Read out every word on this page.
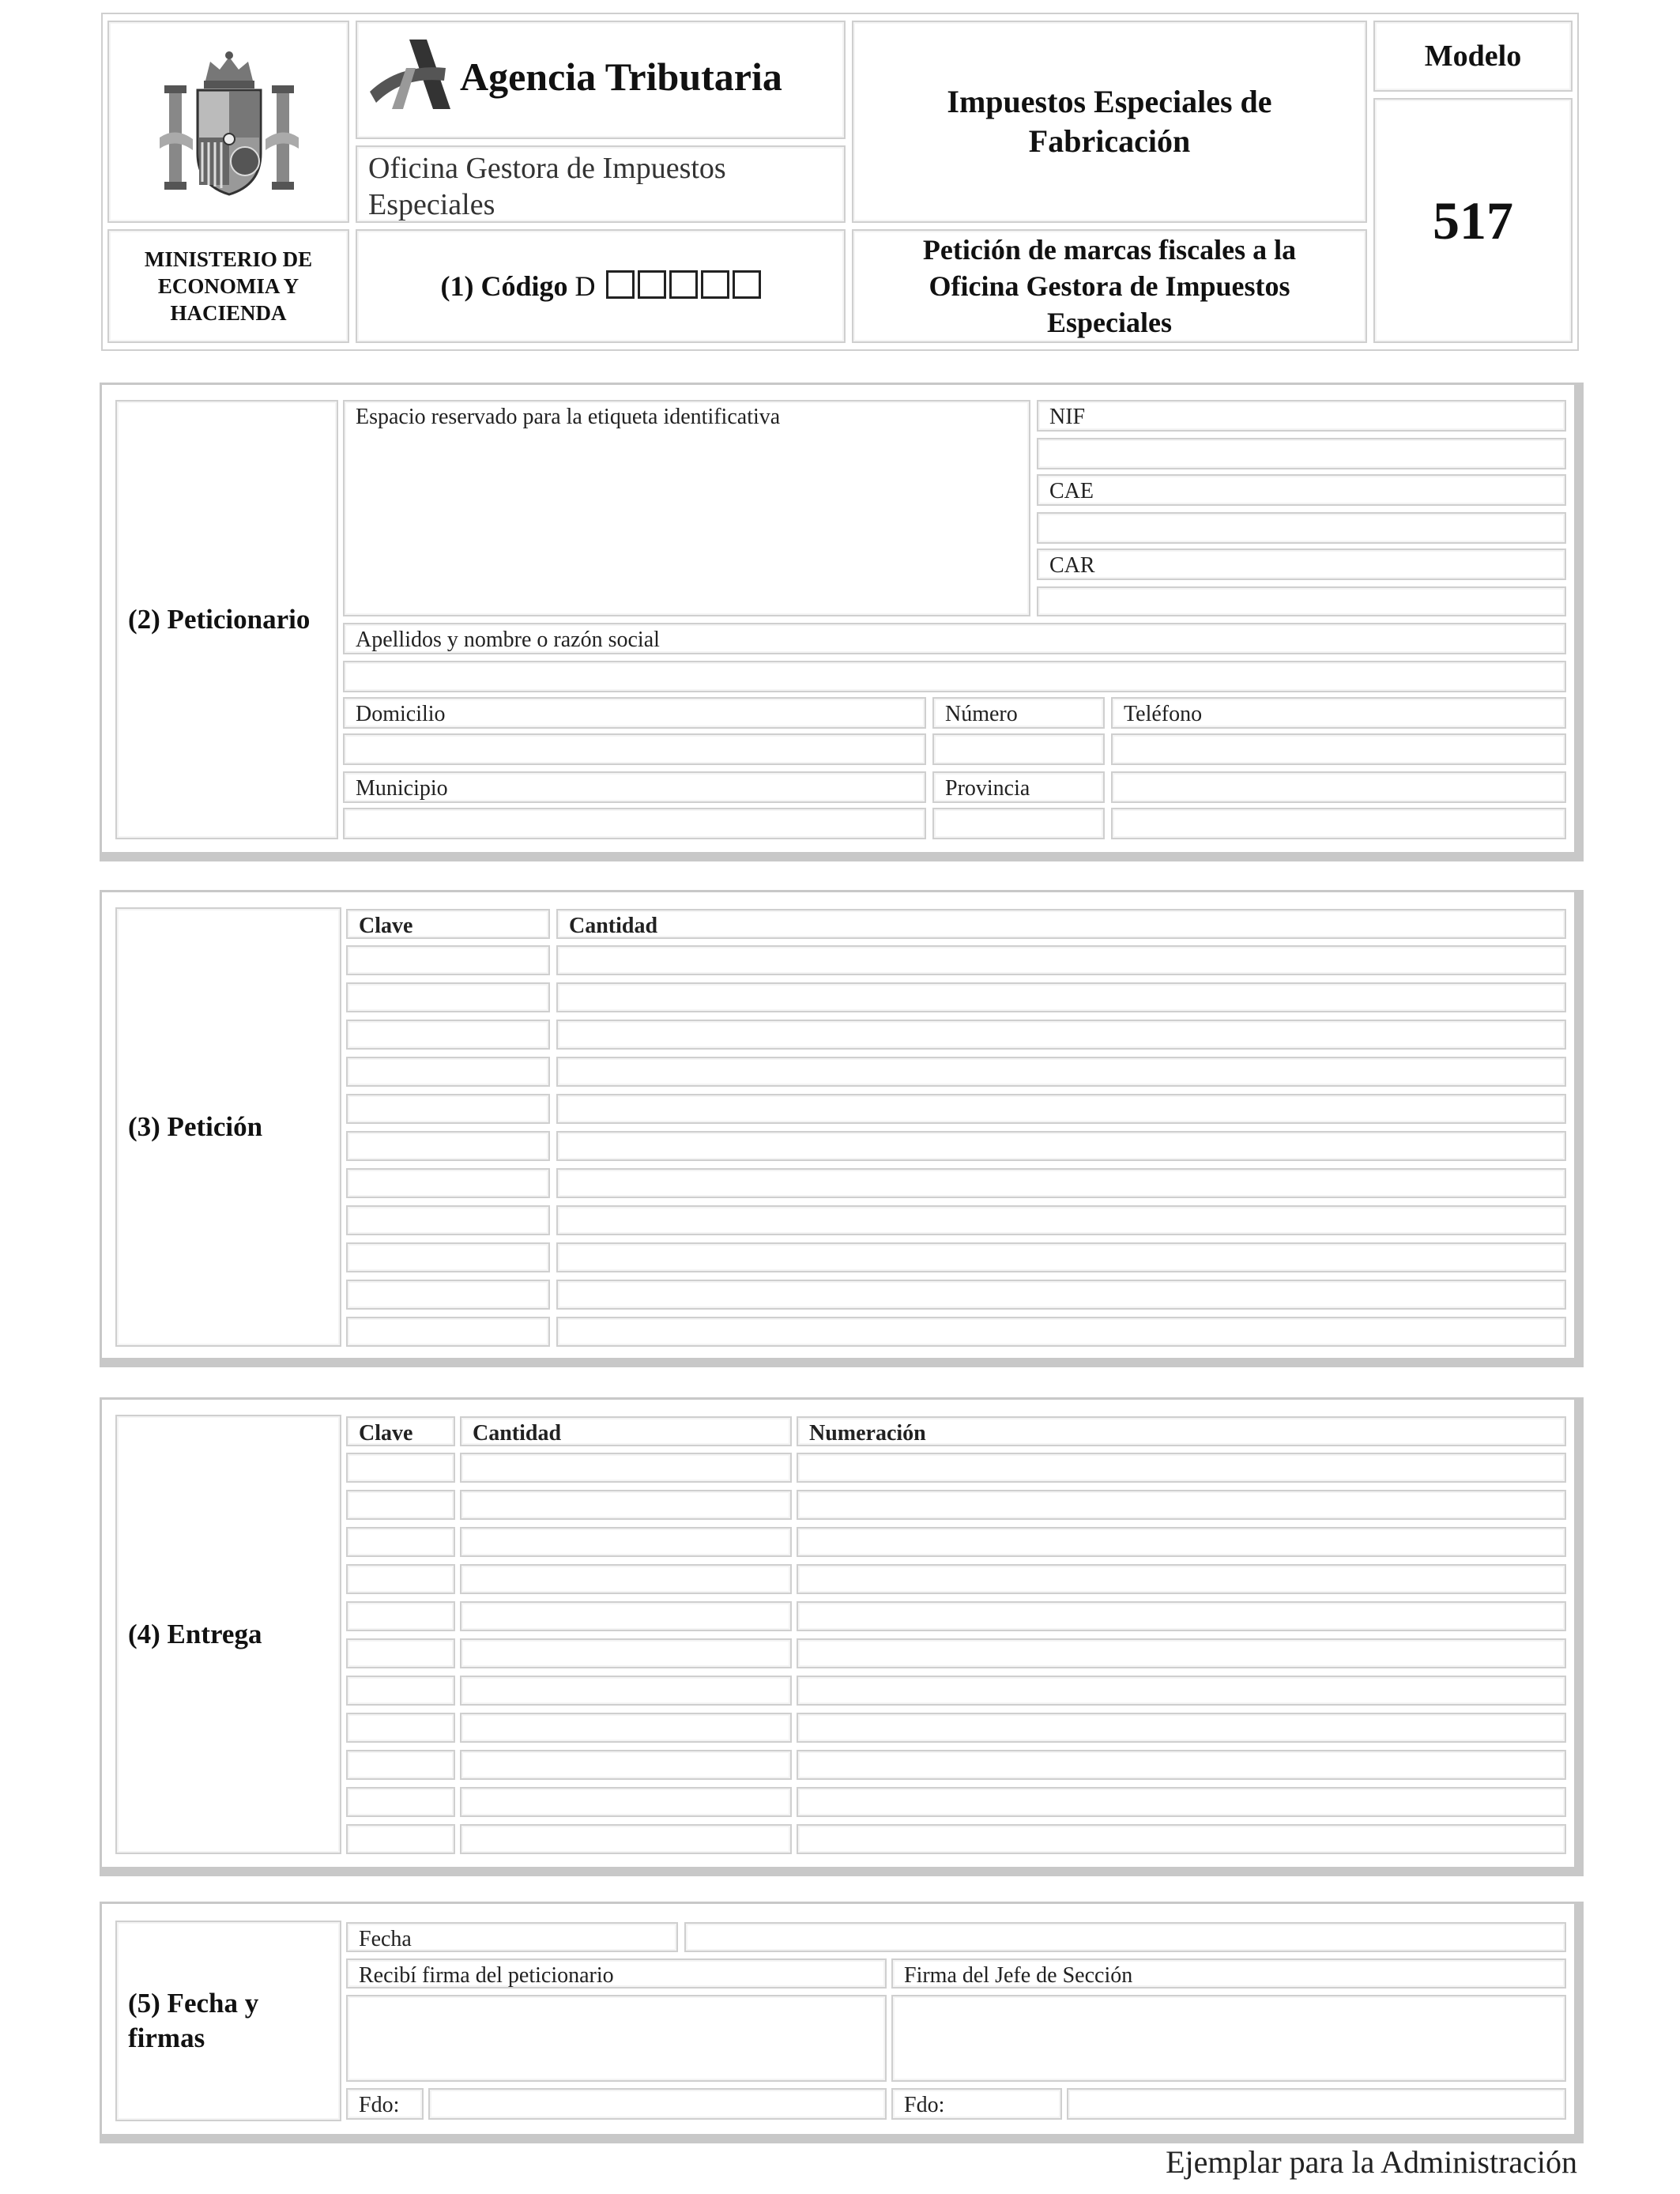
MINISTERIO DE ECONOMIA Y HACIENDA
Agencia Tributaria
Oficina Gestora de Impuestos Especiales
(1) Código D
Impuestos Especiales de Fabricación
Petición de marcas fiscales a la Oficina Gestora de Impuestos Especiales
Modelo
517
(2) Peticionario
Espacio reservado para la etiqueta identificativa	NIF
CAE
CAR
Apellidos y nombre o razón social
Domicilio	Número	Teléfono
Municipio	Provincia
(3) Petición
Clave	Cantidad
(4) Entrega
Clave	Cantidad	Numeración
(5) Fecha y firmas
Fecha
Recibí firma del peticionario	Firma del Jefe de Sección
Fdo:	Fdo:
Ejemplar para la Administración
